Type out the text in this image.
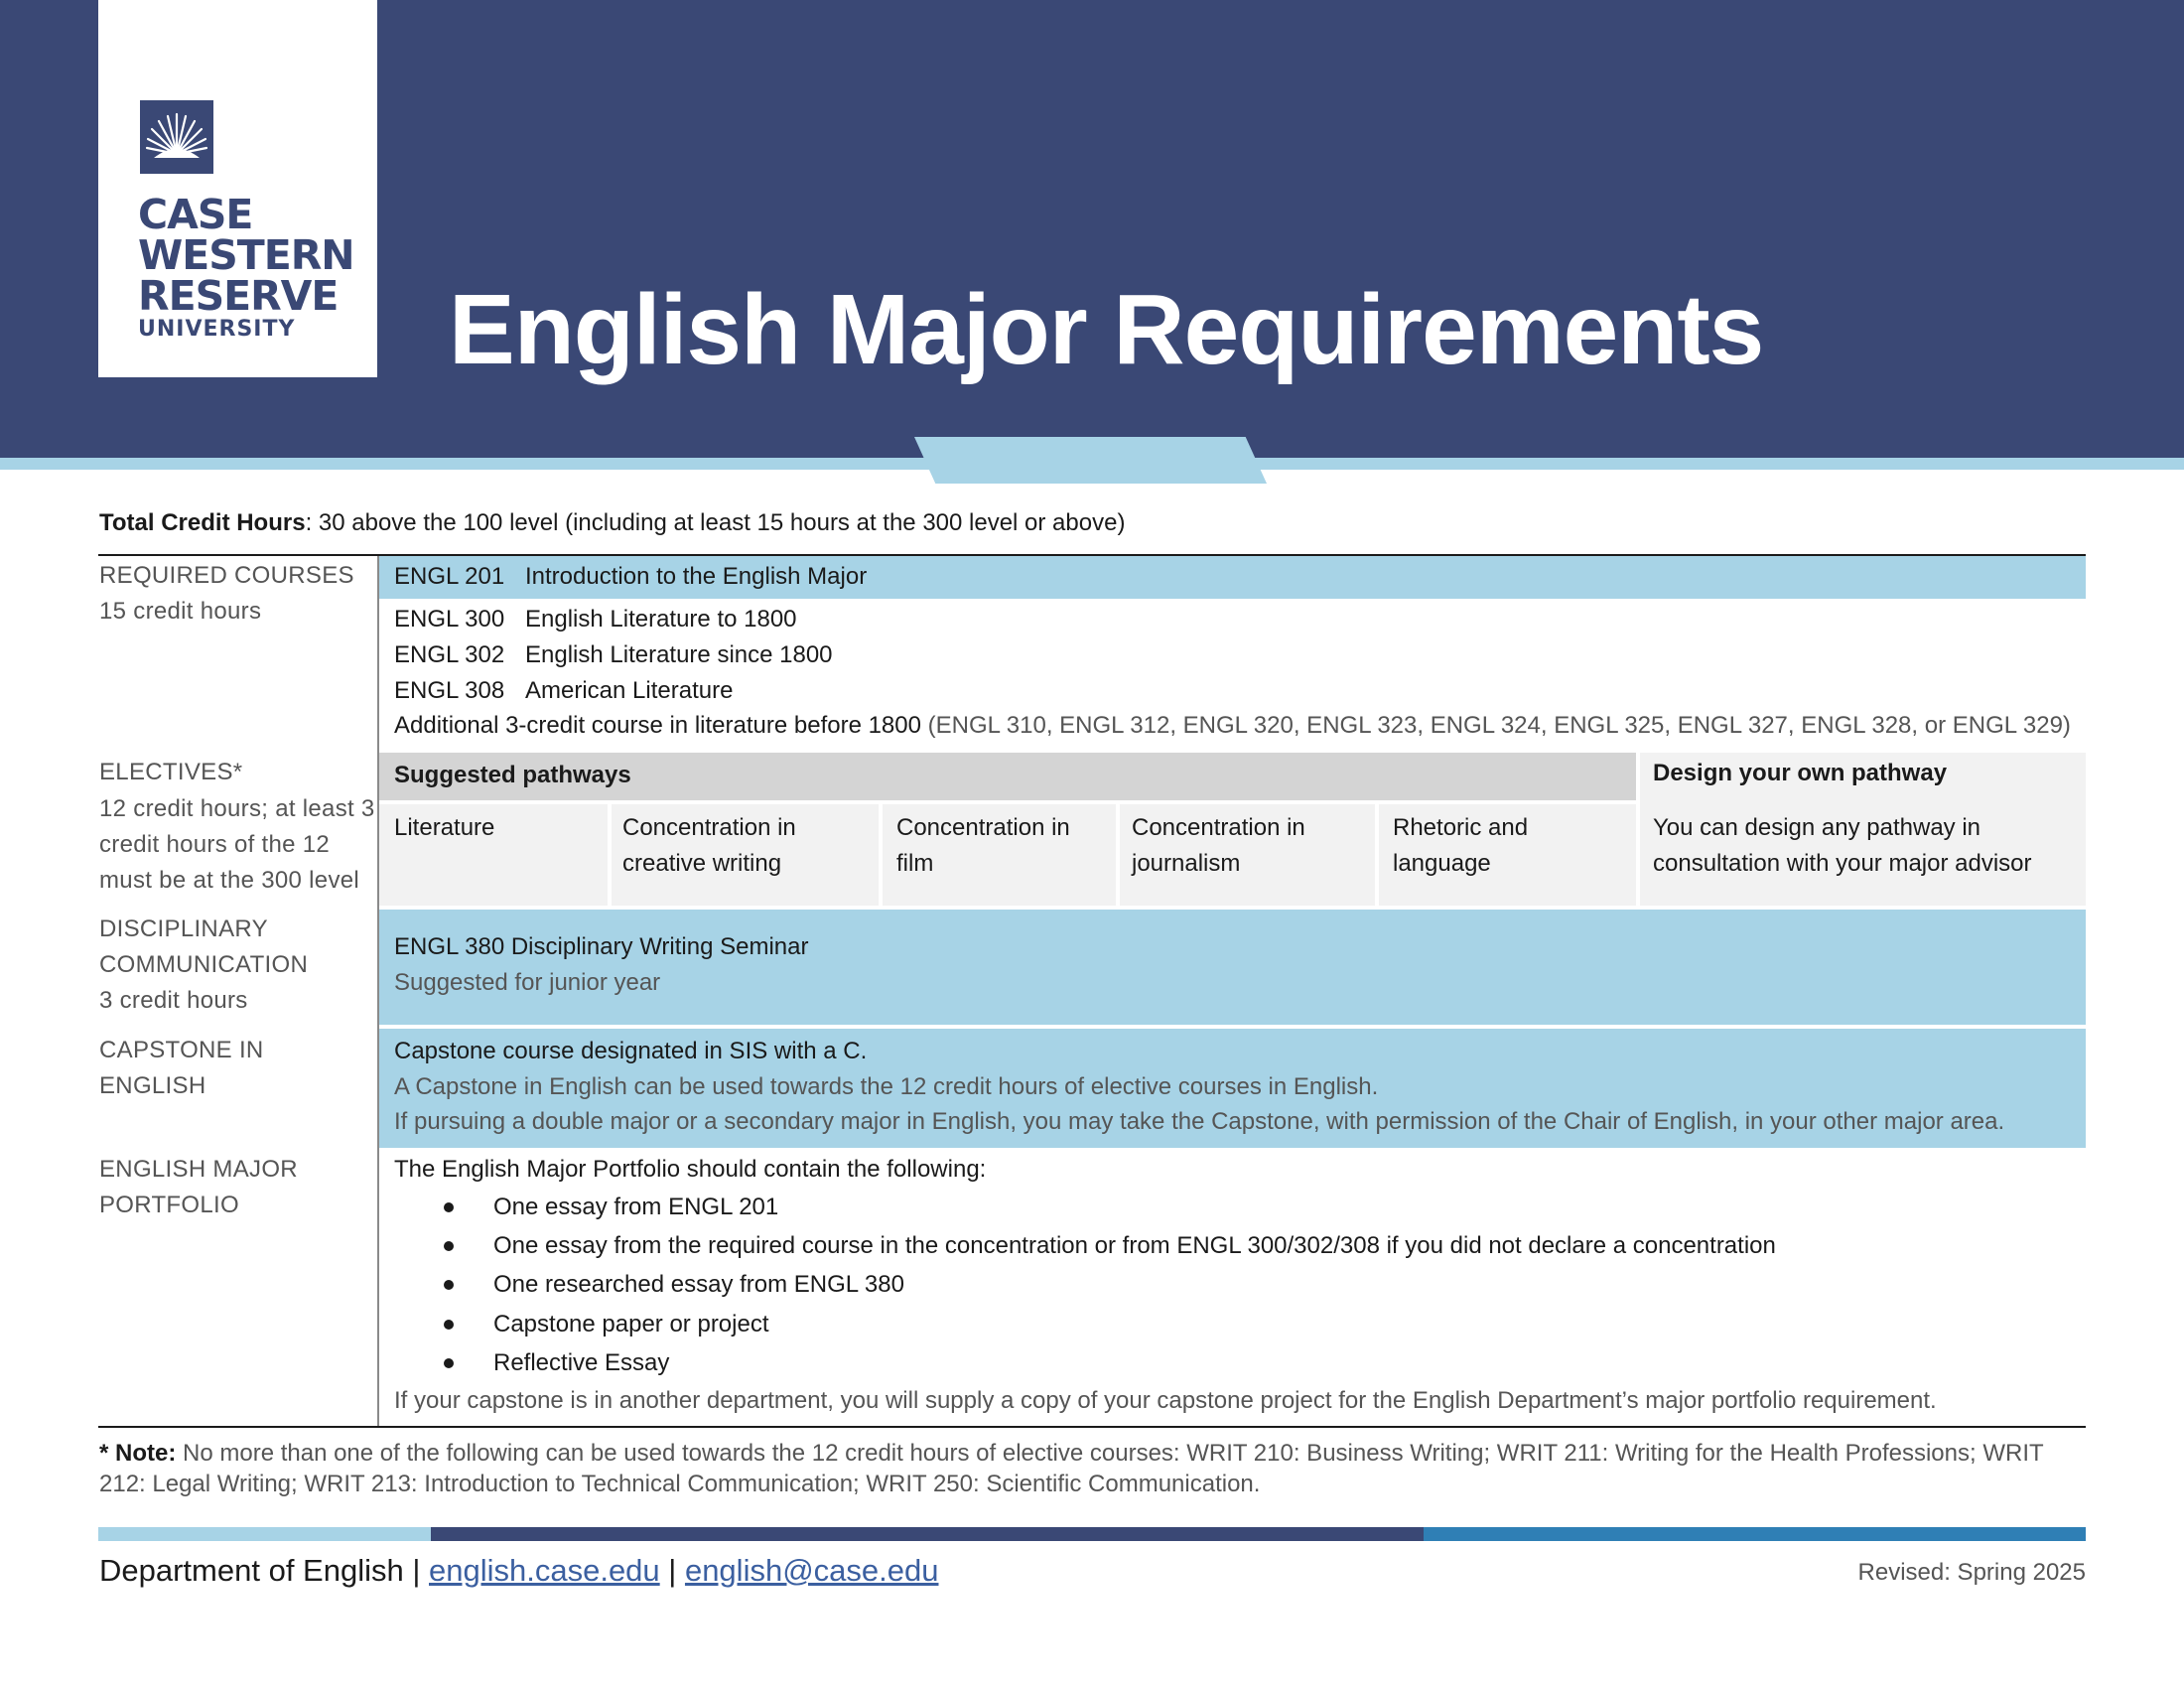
CASE
WESTERN
RESERVE
UNIVERSITY English Major Requirements
Total Credit Hours: 30 above the 100 level (including at least 15 hours at the 300 level or above)
REQUIRED COURSES
15 credit hours
ENGL 201 Introduction to the English Major
ENGL 300 English Literature to 1800
ENGL 302 English Literature since 1800
ENGL 308 American Literature
Additional 3-credit course in literature before 1800 (ENGL 310, ENGL 312, ENGL 320, ENGL 323, ENGL 324, ENGL 325, ENGL 327, ENGL 328, or ENGL 329)
ELECTIVES*
12 credit hours; at least 3
credit hours of the 12
must be at the 300 level
Suggested pathways
Literature	Concentration in
creative writing
Concentration in
film
Concentration in
journalism
Rhetoric and
language
Design your own pathway
You can design any pathway in
consultation with your major advisor
DISCIPLINARY
COMMUNICATION
3 credit hours
ENGL 380 Disciplinary Writing Seminar
Suggested for junior year
CAPSTONE IN
ENGLISH
Capstone course designated in SIS with a C.
A Capstone in English can be used towards the 12 credit hours of elective courses in English.
If pursuing a double major or a secondary major in English, you may take the Capstone, with permission of the Chair of English, in your other major area.
ENGLISH MAJOR
PORTFOLIO
The English Major Portfolio should contain the following:
One essay from ENGL 201
One essay from the required course in the concentration or from ENGL 300/302/308 if you did not declare a concentration
One researched essay from ENGL 380
Capstone paper or project
Reflective Essay
If your capstone is in another department, you will supply a copy of your capstone project for the English Department’s major portfolio requirement.
* Note: No more than one of the following can be used towards the 12 credit hours of elective courses: WRIT 210: Business Writing; WRIT 211: Writing for the Health Professions; WRIT 212: Legal Writing; WRIT 213: Introduction to Technical Communication; WRIT 250: Scientific Communication.
Department of English | english.case.edu | english@case.edu	Revised: Spring 2025
